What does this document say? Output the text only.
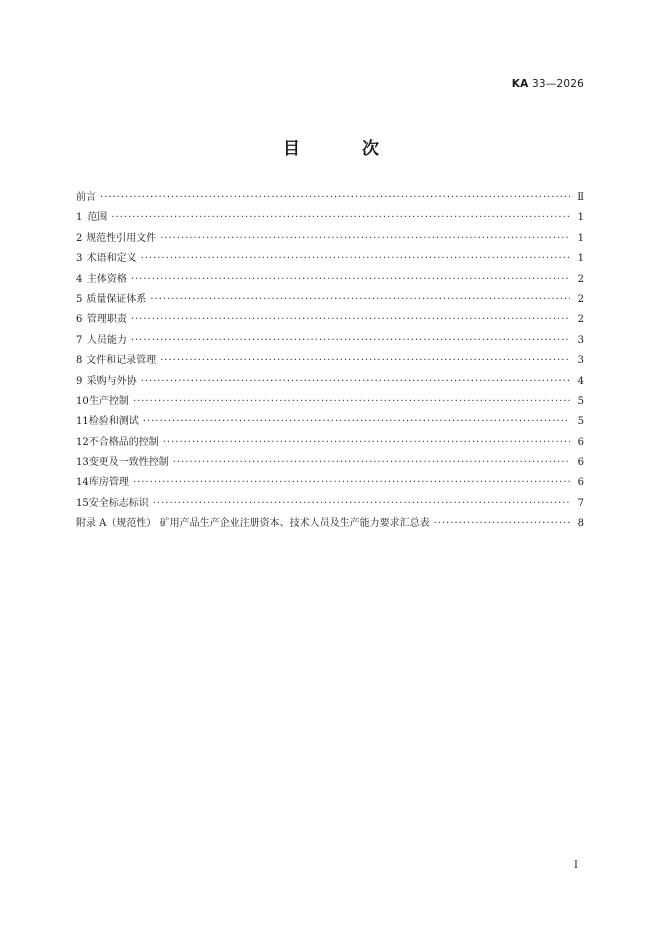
KA 33—2026
目 次
前言 ·····	Ⅱ
1 范围 ·····	1
2 规范性引用文件 ·····	1
3 术语和定义 ·····	1
4 主体资格 ·····	2
5 质量保证体系 ·····	2
6 管理职责 ·····	2
7 人员能力 ·····	3
8 文件和记录管理 ·····	3
9 采购与外协 ·····	4
10 生产控制 ·····	5
11 检验和测试 ·····	5
12 不合格品的控制 ·····	6
13 变更及一致性控制 ·····	6
14 库房管理 ·····	6
15 安全标志标识 ·····	7
附录 A（规范性） 矿用产品生产企业注册资本、技术人员及生产能力要求汇总表 ·····	8
I
